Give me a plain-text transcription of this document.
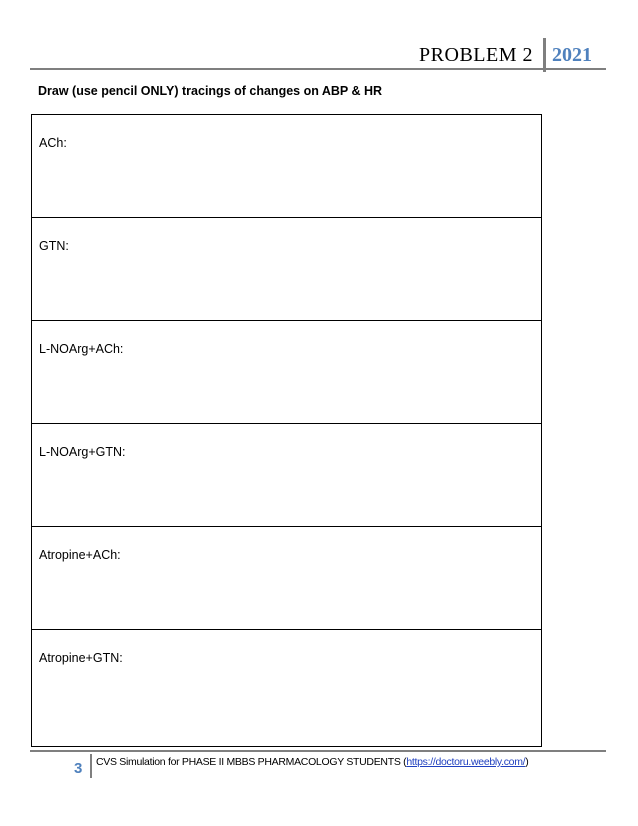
PROBLEM 2 2021
Draw (use pencil ONLY) tracings of changes on ABP & HR
ACh:
GTN:
L-NOArg+ACh:
L-NOArg+GTN:
Atropine+ACh:
Atropine+GTN:
3	CVS Simulation for PHASE II MBBS PHARMACOLOGY STUDENTS (https://doctoru.weebly.com/)
